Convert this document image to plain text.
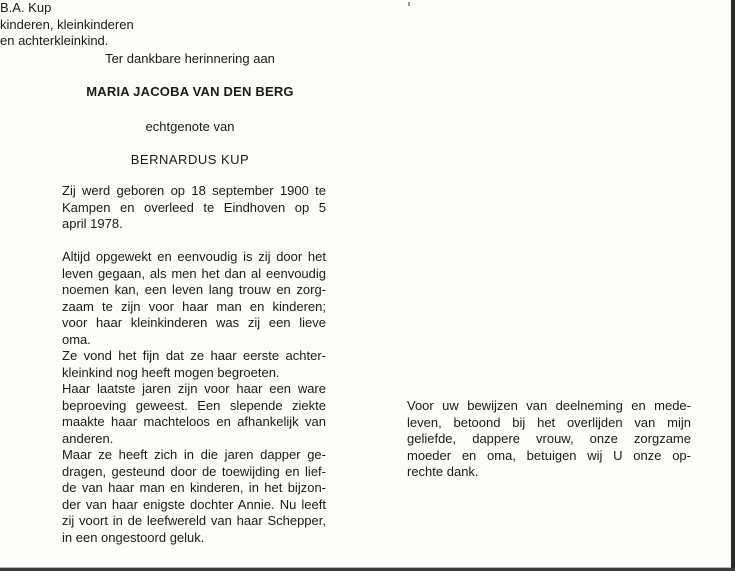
Ter dankbare herinnering aan
MARIA JACOBA VAN DEN BERG
echtgenote van
BERNARDUS KUP
Zij werd geboren op 18 september 1900 te
Kampen en overleed te Eindhoven op 5
april 1978.
Altijd opgewekt en eenvoudig is zij door het
leven gegaan, als men het dan al eenvoudig
noemen kan, een leven lang trouw en zorg-
zaam te zijn voor haar man en kinderen;
voor haar kleinkinderen was zij een lieve
oma.
Ze vond het fijn dat ze haar eerste achter-
kleinkind nog heeft mogen begroeten.
Haar laatste jaren zijn voor haar een ware
beproeving geweest. Een slepende ziekte
maakte haar machteloos en afhankelijk van
anderen.
Maar ze heeft zich in die jaren dapper ge-
dragen, gesteund door de toewijding en lief-
de van haar man en kinderen, in het bijzon-
der van haar enigste dochter Annie. Nu leeft
zij voort in de leefwereld van haar Schepper,
in een ongestoord geluk.
Voor uw bewijzen van deelneming en mede-
leven, betoond bij het overlijden van mijn
geliefde, dappere vrouw, onze zorgzame
moeder en oma, betuigen wij U onze op-
rechte dank.
B.A. Kup
kinderen, kleinkinderen
en achterkleinkind.
